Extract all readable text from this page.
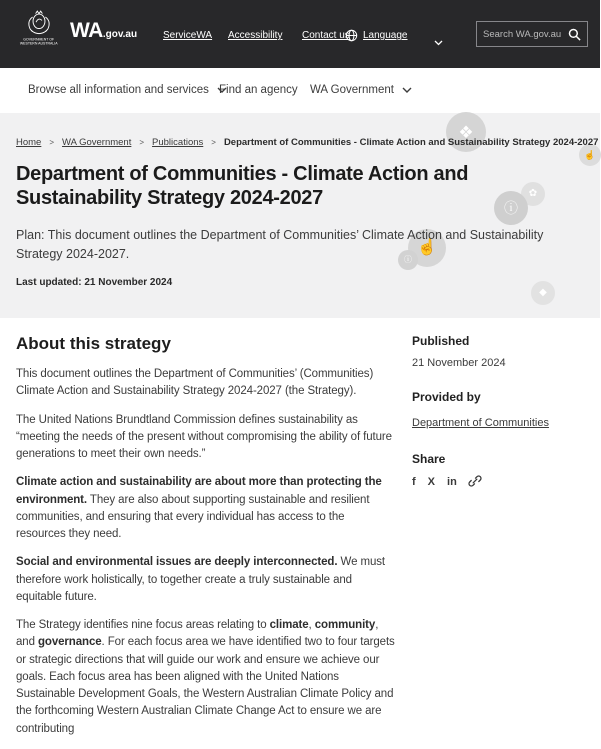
GOVERNMENT OF
WESTERN AUSTRALIA
WA .gov.au	ServiceWA Accessibility Contact us Language
Search WA.gov.au
Browse all information and services Find an agency WA Government
❖
☝
✿
ⓘ
☝
ⓘ
◆
Home > WA Government > Publications > Department of Communities - Climate Action and Sustainability Strategy 2024-2027
Department of Communities - Climate Action and Sustainability Strategy 2024-2027

Plan: This document outlines the Department of Communities’ Climate Action and Sustainability Strategy 2024-2027.

Last updated: 21 November 2024

About this strategy

This document outlines the Department of Communities’ (Communities) Climate Action and Sustainability Strategy 2024-2027 (the Strategy).

The United Nations Brundtland Commission defines sustainability as “meeting the needs of the present without compromising the ability of future generations to meet their own needs.”

Climate action and sustainability are about more than protecting the environment. They are also about supporting sustainable and resilient communities, and ensuring that every individual has access to the resources they need.

Social and environmental issues are deeply interconnected. We must therefore work holistically, to together create a truly sustainable and equitable future.

The Strategy identifies nine focus areas relating to climate, community, and governance. For each focus area we have identified two to four targets or strategic directions that will guide our work and ensure we achieve our goals. Each focus area has been aligned with the United Nations Sustainable Development Goals, the Western Australian Climate Policy and the forthcoming Western Australian Climate Change Act to ensure we are contributing

Published

21 November 2024

Provided by
Department of Communities
Share
f X in
